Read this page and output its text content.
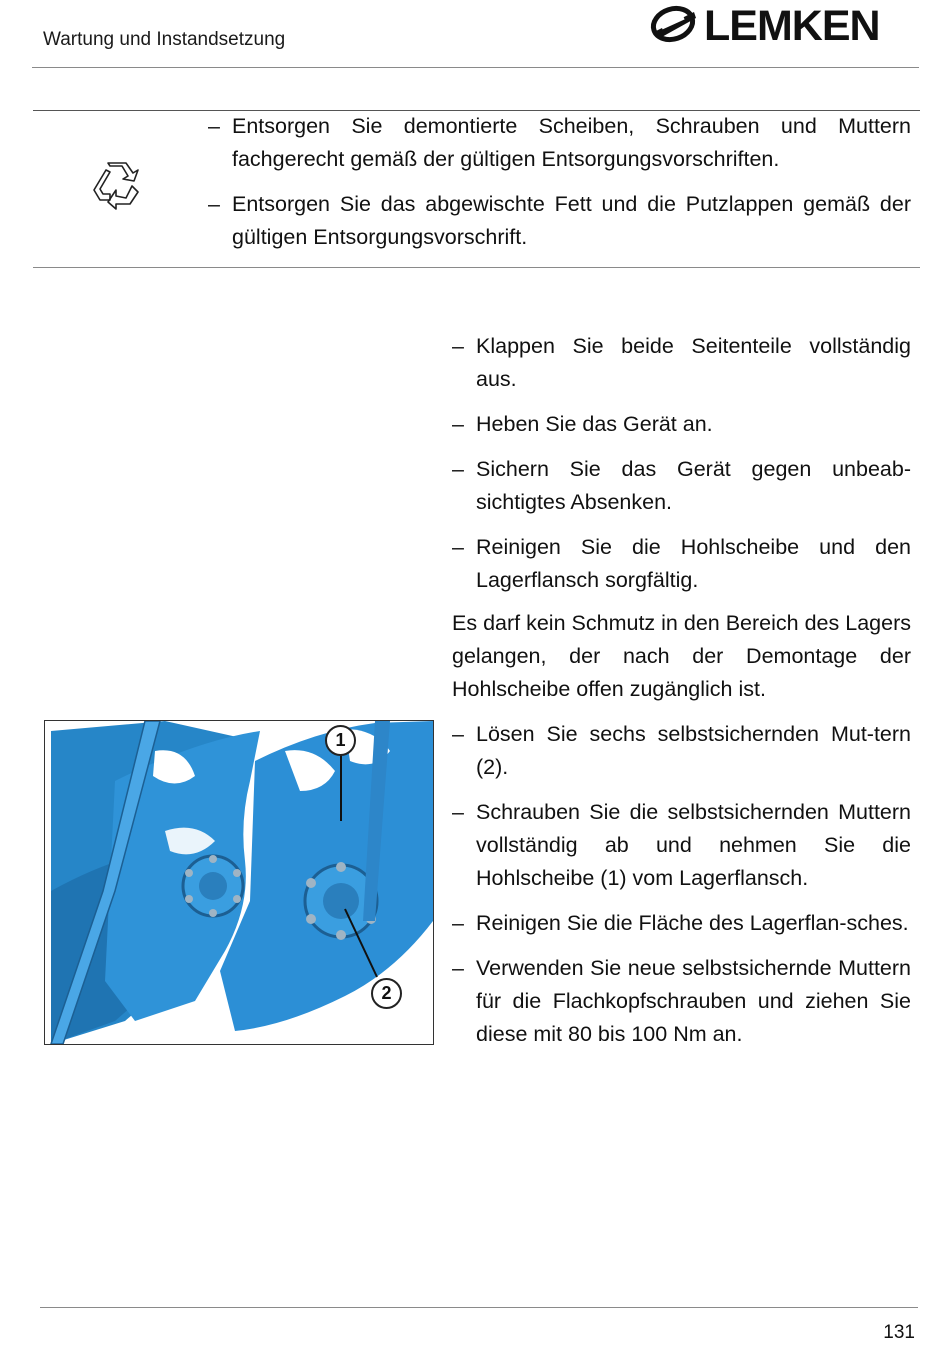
Wartung und Instandsetzung	LEMKEN
– Entsorgen Sie demontierte Scheiben, Schrauben und Muttern fachgerecht gemäß der gültigen Entsorgungsvorschriften.
– Entsorgen Sie das abgewischte Fett und die Putzlappen gemäß der gültigen Entsorgungsvorschrift.
– Klappen Sie beide Seitenteile vollständig aus.
– Heben Sie das Gerät an.
– Sichern Sie das Gerät gegen unbeab-sichtigtes Absenken.
– Reinigen Sie die Hohlscheibe und den Lagerflansch sorgfältig.

Es darf kein Schmutz in den Bereich des Lagers gelangen, der nach der Demontage der Hohlscheibe offen zugänglich ist.

– Lösen Sie sechs selbstsichernden Mut-tern (2).
– Schrauben Sie die selbstsichernden Muttern vollständig ab und nehmen Sie die Hohlscheibe (1) vom Lagerflansch.
– Reinigen Sie die Fläche des Lagerflan-sches.
– Verwenden Sie neue selbstsichernde Muttern für die Flachkopfschrauben und ziehen Sie diese mit 80 bis 100 Nm an.
1
2
131
